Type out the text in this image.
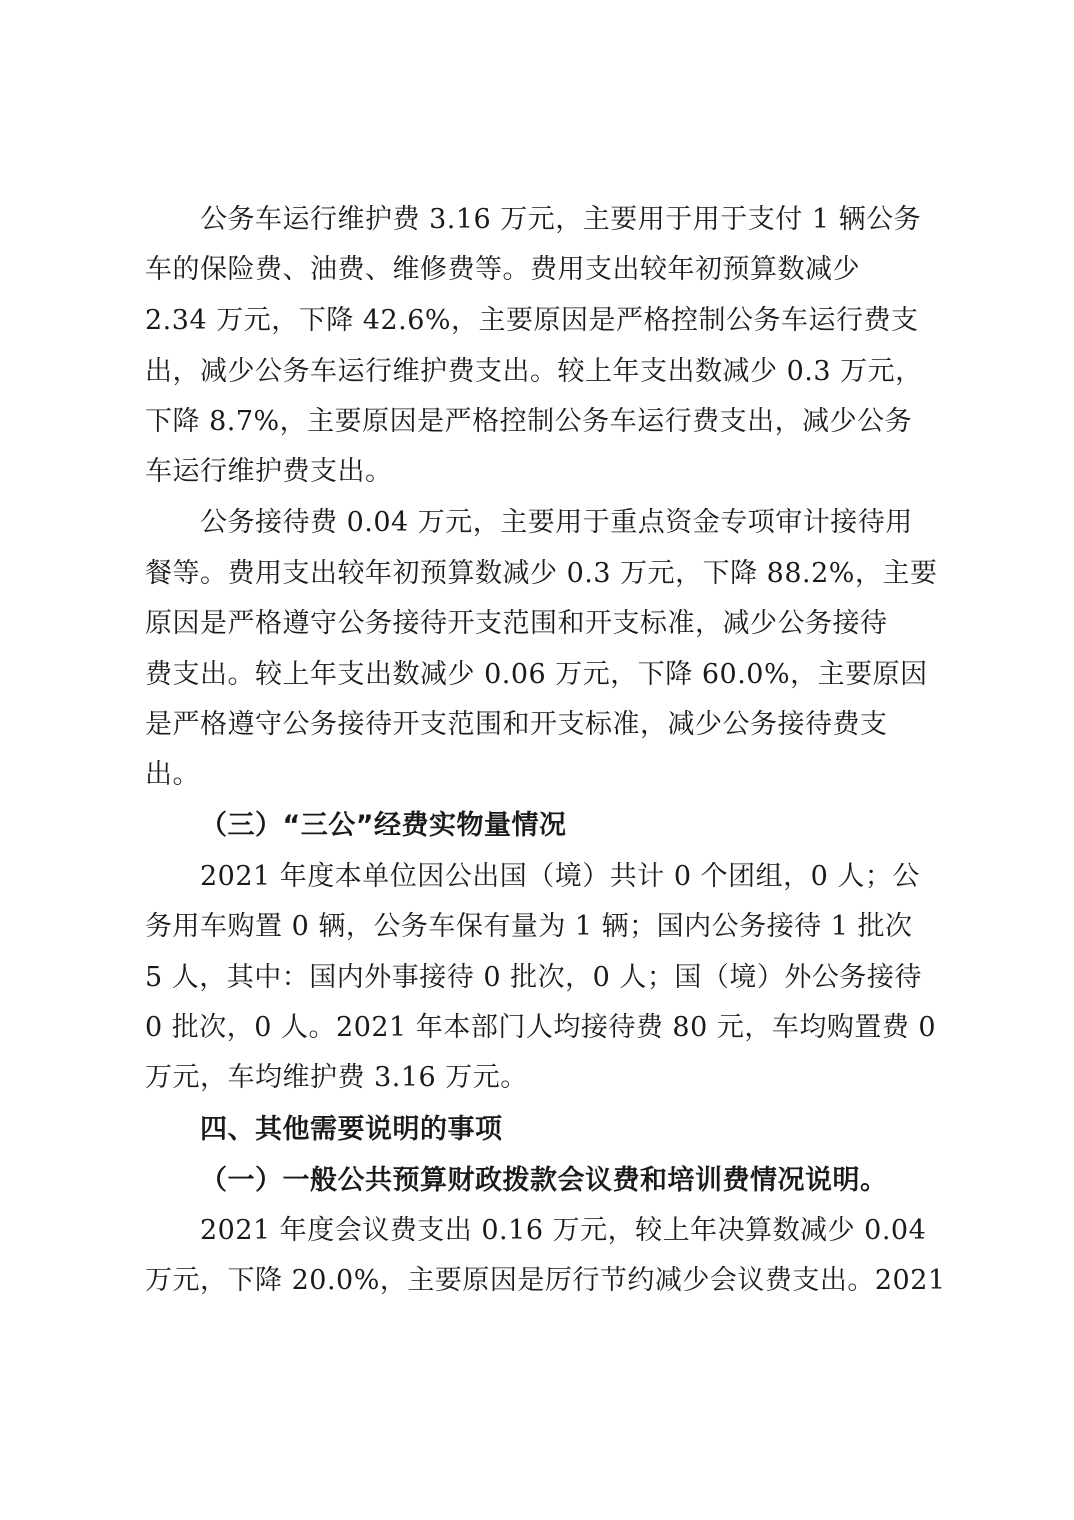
公务车运行维护费 3.16 万元，主要用于用于支付 1 辆公务
车的保险费、油费、维修费等。费用支出较年初预算数减少
2.34 万元，下降 42.6%，主要原因是严格控制公务车运行费支
出，减少公务车运行维护费支出。较上年支出数减少 0.3 万元，
下降 8.7%，主要原因是严格控制公务车运行费支出，减少公务
车运行维护费支出。
公务接待费 0.04 万元，主要用于重点资金专项审计接待用
餐等。费用支出较年初预算数减少 0.3 万元，下降 88.2%，主要
原因是严格遵守公务接待开支范围和开支标准，减少公务接待
费支出。较上年支出数减少 0.06 万元，下降 60.0%，主要原因
是严格遵守公务接待开支范围和开支标准，减少公务接待费支
出。
（三）“三公”经费实物量情况
2021 年度本单位因公出国（境）共计 0 个团组，0 人；公
务用车购置 0 辆，公务车保有量为 1 辆；国内公务接待 1 批次
5 人，其中：国内外事接待 0 批次，0 人；国（境）外公务接待
0 批次，0 人。2021 年本部门人均接待费 80 元，车均购置费 0
万元，车均维护费 3.16 万元。
四、其他需要说明的事项
（一）一般公共预算财政拨款会议费和培训费情况说明。
2021 年度会议费支出 0.16 万元，较上年决算数减少 0.04
万元，下降 20.0%，主要原因是厉行节约减少会议费支出。2021
